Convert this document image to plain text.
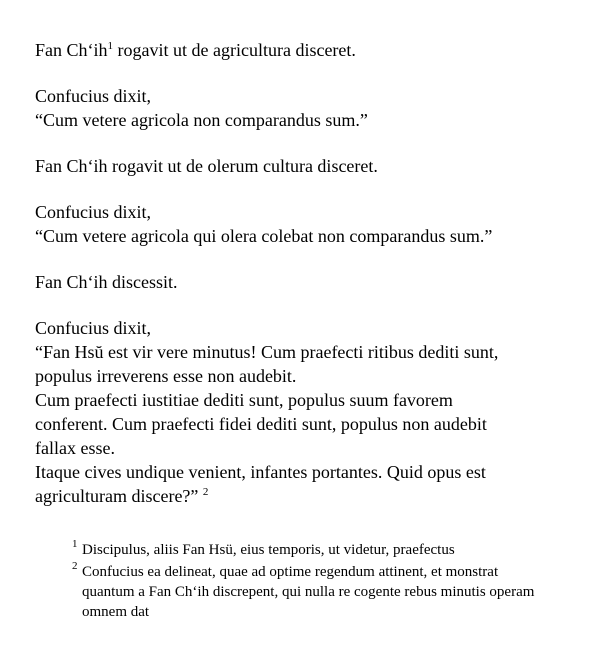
Fan $Ch‘ih^1$ rogavit ut de agricultura disceret.

Confucius dixit,

“Cum vetere agricola non comparandus sum.”

Fan Ch‘ih rogavit ut de olerum cultura disceret.

Confucius dixit,

“Cum vetere agricola qui olera colebat non comparandus sum.”

Fan Ch‘ih discessit.

Confucius dixit,

“Fan Hsŭ est vir vere minutus! Cum praefecti ritibus dediti sunt, populus irreverens esse non audebit.

Cum praefecti iustitiae dediti sunt, populus suum favorem conferent. Cum praefecti fidei dediti sunt, populus non audebit fallax esse.

Itaque cives undique venient, infantes portantes. Quid opus est agriculturam discere?” $^2$

1 Discipulus, aliis Fan Hsü, eius temporis, ut videtur, praefectus
2 Confucius ea delineat, quae ad optime regendum attinent, et monstrat quantum a Fan Ch‘ih discrepent, qui nulla re cogente rebus minutis operam omnem dat
